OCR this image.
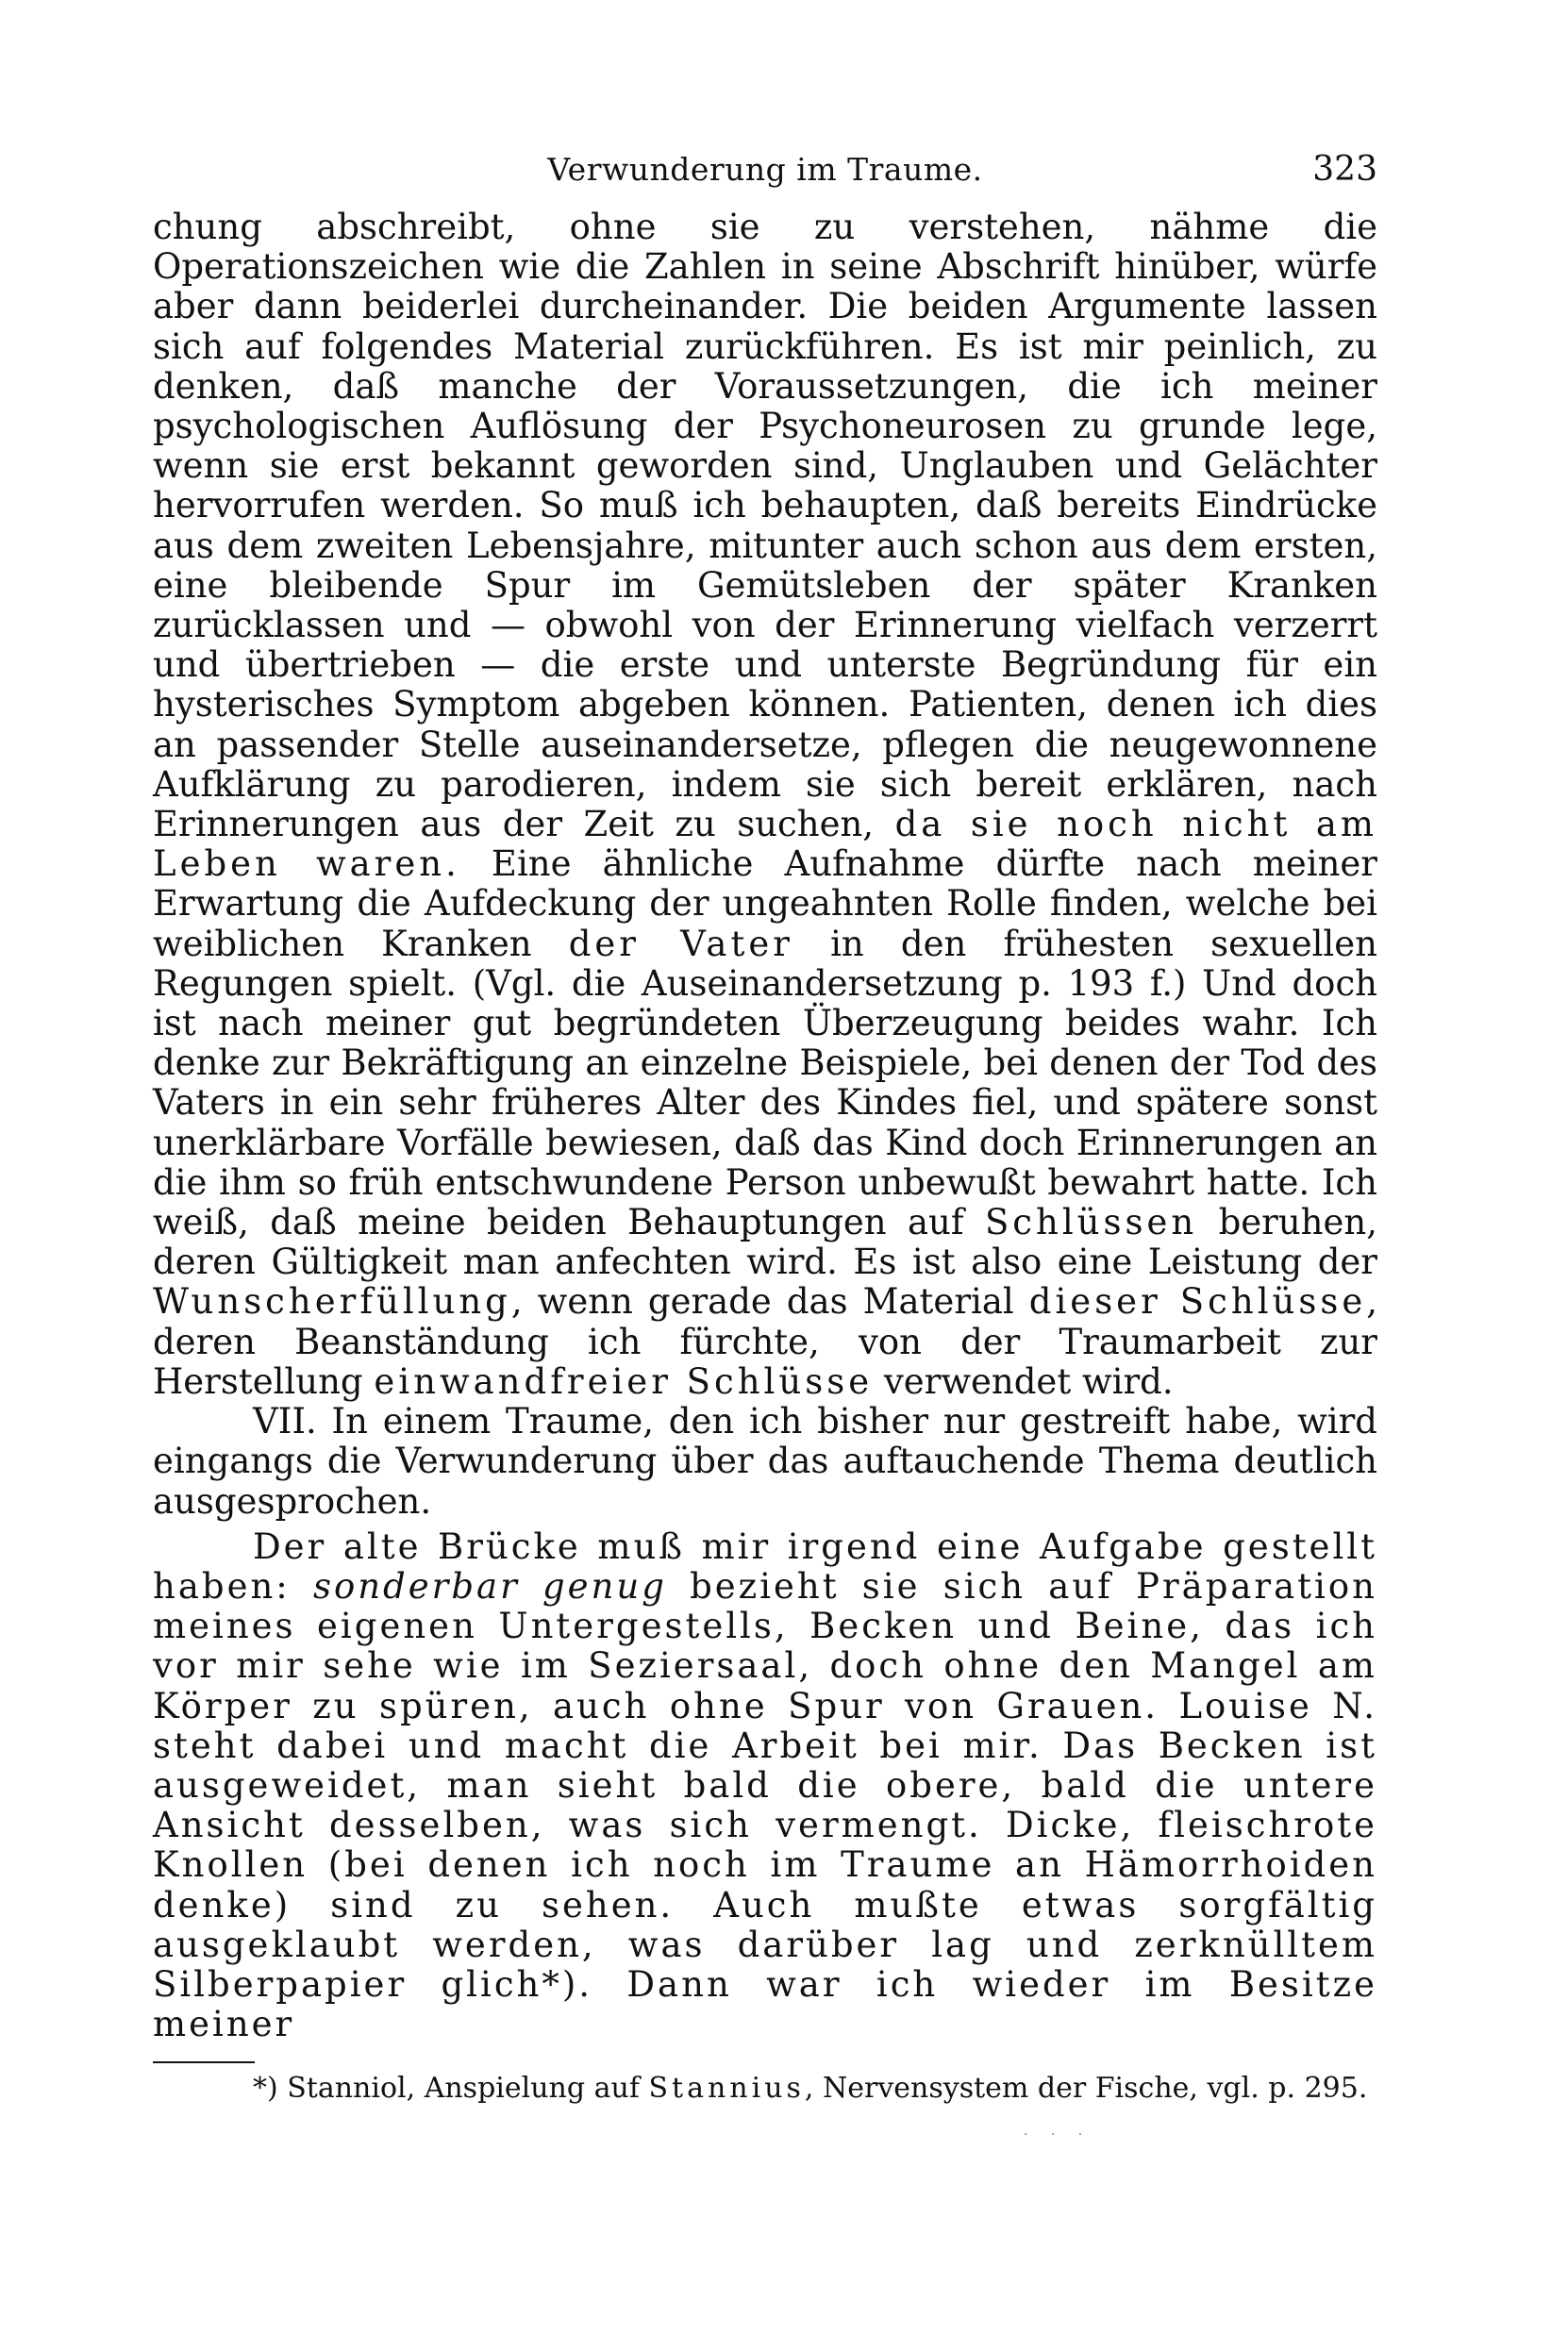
Verwunderung im Traume.	323

chung abschreibt, ohne sie zu verstehen, nähme die Operationszeichen wie die Zahlen in seine Abschrift hinüber, würfe aber dann beiderlei durcheinander. Die beiden Argumente lassen sich auf folgendes Material zurückführen. Es ist mir peinlich, zu denken, daß manche der Voraussetzungen, die ich meiner psychologischen Auflösung der Psychoneurosen zu grunde lege, wenn sie erst bekannt geworden sind, Unglauben und Gelächter hervorrufen werden. So muß ich behaupten, daß bereits Eindrücke aus dem zweiten Lebensjahre, mitunter auch schon aus dem ersten, eine bleibende Spur im Gemütsleben der später Kranken zurücklassen und — obwohl von der Erinnerung vielfach verzerrt und übertrieben — die erste und unterste Begründung für ein hysterisches Symptom abgeben können. Patienten, denen ich dies an passender Stelle auseinandersetze, pflegen die neugewonnene Aufklärung zu parodieren, indem sie sich bereit erklären, nach Erinnerungen aus der Zeit zu suchen, da sie noch nicht am Leben waren. Eine ähnliche Aufnahme dürfte nach meiner Erwartung die Aufdeckung der ungeahnten Rolle finden, welche bei weiblichen Kranken der Vater in den frühesten sexuellen Regungen spielt. (Vgl. die Auseinandersetzung p. 193 f.) Und doch ist nach meiner gut begründeten Überzeugung beides wahr. Ich denke zur Bekräftigung an einzelne Beispiele, bei denen der Tod des Vaters in ein sehr früheres Alter des Kindes fiel, und spätere sonst unerklärbare Vorfälle bewiesen, daß das Kind doch Erinnerungen an die ihm so früh entschwundene Person unbewußt bewahrt hatte. Ich weiß, daß meine beiden Behauptungen auf Schlüssen beruhen, deren Gültigkeit man anfechten wird. Es ist also eine Leistung der Wunscherfüllung, wenn gerade das Material dieser Schlüsse, deren Beanständung ich fürchte, von der Traumarbeit zur Herstellung einwandfreier Schlüsse verwendet wird.

VII. In einem Traume, den ich bisher nur gestreift habe, wird eingangs die Verwunderung über das auftauchende Thema deutlich ausgesprochen.

Der alte Brücke muß mir irgend eine Aufgabe gestellt haben: sonderbar genug bezieht sie sich auf Präparation meines eigenen Untergestells, Becken und Beine, das ich vor mir sehe wie im Seziersaal, doch ohne den Mangel am Körper zu spüren, auch ohne Spur von Grauen. Louise N. steht dabei und macht die Arbeit bei mir. Das Becken ist ausgeweidet, man sieht bald die obere, bald die untere Ansicht desselben, was sich vermengt. Dicke, fleischrote Knollen (bei denen ich noch im Traume an Hämorrhoiden denke) sind zu sehen. Auch mußte etwas sorgfältig ausgeklaubt werden, was darüber lag und zerknülltem Silberpapier glich*). Dann war ich wieder im Besitze meiner

*) Stanniol, Anspielung auf Stannius, Nervensystem der Fische, vgl. p. 295.

· · ·
